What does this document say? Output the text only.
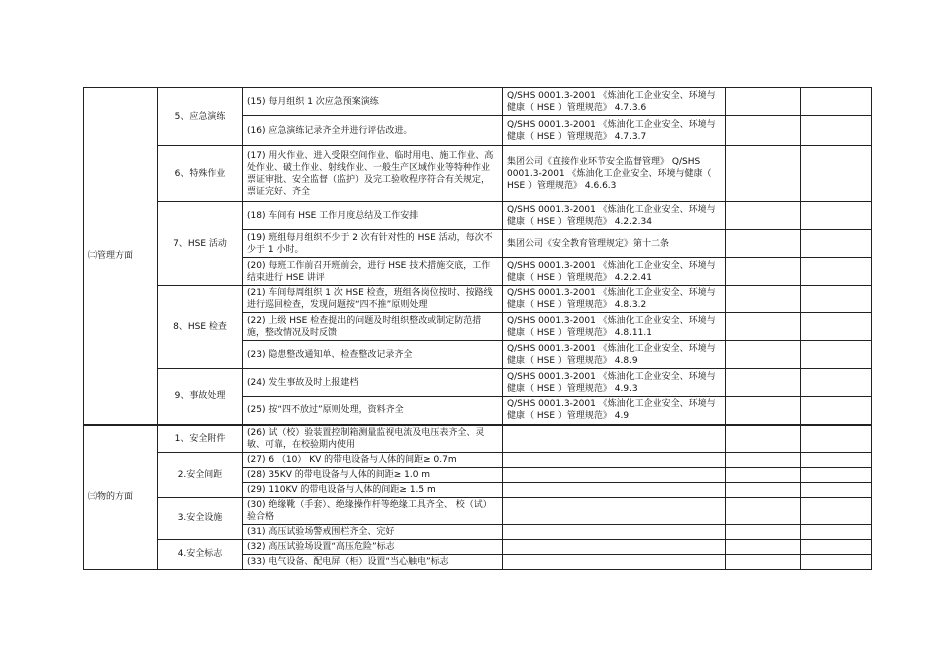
㈡管理方面	5、应急演练	(15) 每月组织 1 次应急预案演练	Q/SHS 0001.3-2001 《炼油化工企业安全、环境与健康（ HSE ）管理规范》 4.7.3.6		
		(16) 应急演练记录齐全并进行评估改进。	Q/SHS 0001.3-2001 《炼油化工企业安全、环境与健康（ HSE ）管理规范》 4.7.3.7		
	6、特殊作业	(17) 用火作业、进入受限空间作业、临时用电、施工作业、高处作业、破土作业、射线作业、一般生产区域作业等特种作业票证审批、安全监督（监护）及完工验收程序符合有关规定，票证完好、齐全	集团公司《直接作业环节安全监督管理》 Q/SHS 0001.3-2001 《炼油化工企业安全、环境与健康（ HSE ）管理规范》 4.6.6.3		
	7、HSE 活动	(18) 车间有 HSE 工作月度总结及工作安排	Q/SHS 0001.3-2001 《炼油化工企业安全、环境与健康（ HSE ）管理规范》 4.2.2.34		
		(19) 班组每月组织不少于 2 次有针对性的 HSE 活动，每次不少于 1 小时。	集团公司《安全教育管理规定》第十二条		
		(20) 每班工作前召开班前会，进行 HSE 技术措施交底，工作结束进行 HSE 讲评	Q/SHS 0001.3-2001 《炼油化工企业安全、环境与健康（ HSE ）管理规范》 4.2.2.41		
	8、HSE 检查	(21) 车间每周组织 1 次 HSE 检查，班组各岗位按时、按路线进行巡回检查，发现问题按“四不推”原则处理	Q/SHS 0001.3-2001 《炼油化工企业安全、环境与健康（ HSE ）管理规范》 4.8.3.2		
		(22) 上级 HSE 检查提出的问题及时组织整改或制定防范措施，整改情况及时反馈	Q/SHS 0001.3-2001 《炼油化工企业安全、环境与健康（ HSE ）管理规范》 4.8.11.1		
		(23) 隐患整改通知单、检查整改记录齐全	Q/SHS 0001.3-2001 《炼油化工企业安全、环境与健康（ HSE ）管理规范》 4.8.9		
	9、事故处理	(24) 发生事故及时上报建档	Q/SHS 0001.3-2001 《炼油化工企业安全、环境与健康（ HSE ）管理规范》 4.9.3		
		(25) 按“四不放过”原则处理，资料齐全	Q/SHS 0001.3-2001 《炼油化工企业安全、环境与健康（ HSE ）管理规范》 4.9		
㈢物的方面	1、安全附件	(26) 试（校）验装置控制箱测量监视电流及电压表齐全、灵敏、可靠，在校验期内使用			
	2.安全间距	(27) 6 （10） KV 的带电设备与人体的间距≥ 0.7m			
		(28) 35KV 的带电设备与人体的间距≥ 1.0 m			
		(29) 110KV 的带电设备与人体的间距≥ 1.5 m			
	3.安全设施	(30) 绝缘靴（手套）、绝缘操作杆等绝缘工具齐全、 校（试）验合格			
		(31) 高压试验场警戒围栏齐全、完好			
	4.安全标志	(32) 高压试验场设置“高压危险”标志			
		(33) 电气设备、配电屏（柜）设置“当心触电”标志			
